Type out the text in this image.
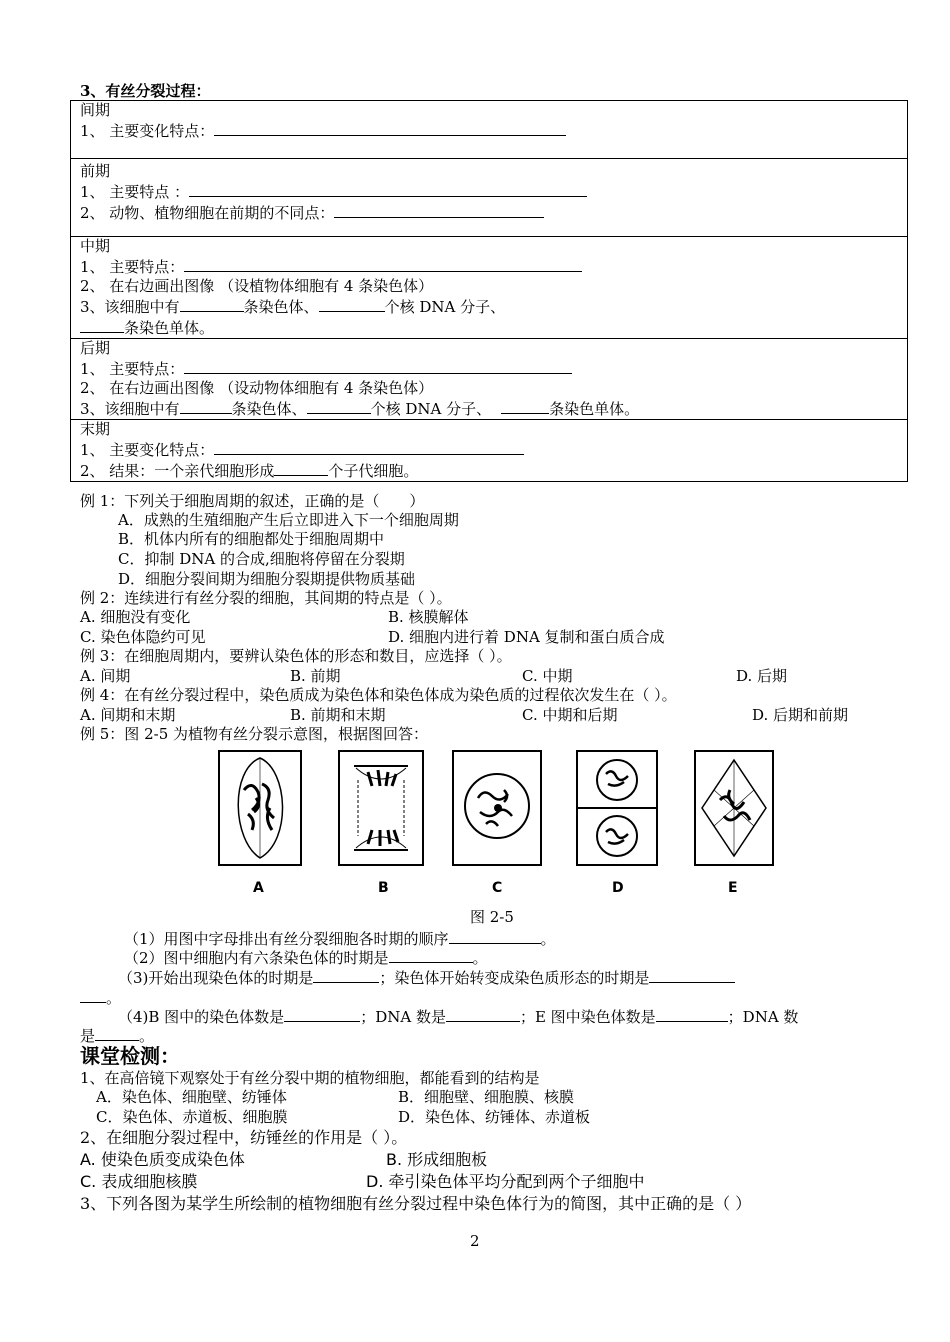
3、有丝分裂过程：
间期
1、 主要变化特点：

前期
1、 主要特点 ：
2、 动物、植物细胞在前期的不同点：

中期
1、 主要特点：
2、 在右边画出图像 （设植物体细胞有 4 条染色体）
3、该细胞中有	条染色体、	个核 DNA 分子、
条染色单体。

后期
1、 主要特点：
2、 在右边画出图像 （设动物体细胞有 4 条染色体）
3、该细胞中有	条染色体、	个核 DNA 分子、	条染色单体。

末期
1、 主要变化特点：
2、 结果：一个亲代细胞形成	个子代细胞。
例 1：下列关于细胞周期的叙述，正确的是（　　）
A．成熟的生殖细胞产生后立即进入下一个细胞周期
B．机体内所有的细胞都处于细胞周期中
C．抑制 DNA 的合成,细胞将停留在分裂期
D．细胞分裂间期为细胞分裂期提供物质基础
例 2：连续进行有丝分裂的细胞，其间期的特点是（ ）。
A. 细胞没有变化	B. 核膜解体
C. 染色体隐约可见	D. 细胞内进行着 DNA 复制和蛋白质合成
例 3：在细胞周期内，要辨认染色体的形态和数目，应选择（ ）。
A. 间期	B. 前期	C. 中期	D. 后期
例 4：在有丝分裂过程中，染色质成为染色体和染色体成为染色质的过程依次发生在（ ）。
A. 间期和末期	B. 前期和末期	C. 中期和后期	D. 后期和前期
例 5：图 2-5 为植物有丝分裂示意图，根据图回答：
A	B	C	D	E
图 2-5
（1）用图中字母排出有丝分裂细胞各时期的顺序	。
（2）图中细胞内有六条染色体的时期是	。
（3)开始出现染色体的时期是	；染色体开始转变成染色质形态的时期是
。
（4)B 图中的染色体数是	；DNA 数是	；E 图中染色体数是	；DNA 数
是	。
课堂检测：
1、在高倍镜下观察处于有丝分裂中期的植物细胞，都能看到的结构是
A．染色体、细胞壁、纺锤体	B．细胞壁、细胞膜、核膜
C．染色体、赤道板、细胞膜	D．染色体、纺锤体、赤道板
2、在细胞分裂过程中，纺锤丝的作用是（ ）。
A. 使染色质变成染色体	B. 形成细胞板
C. 表成细胞核膜	D. 牵引染色体平均分配到两个子细胞中
3、下列各图为某学生所绘制的植物细胞有丝分裂过程中染色体行为的简图，其中正确的是（ ）
2
